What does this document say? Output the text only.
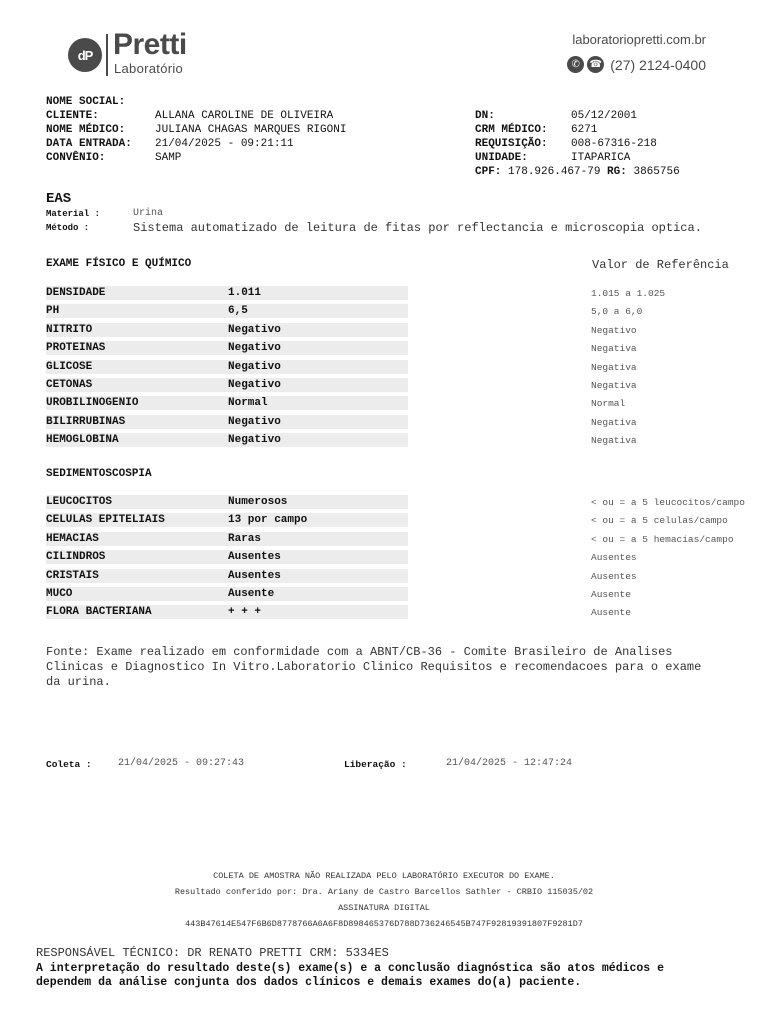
dP Pretti
Laboratório
laboratoriopretti.com.br
✆ ☎ (27) 2124-0400
NOME SOCIAL:
CLIENTE:	ALLANA CAROLINE DE OLIVEIRA
NOME MÉDICO:	JULIANA CHAGAS MARQUES RIGONI
DATA ENTRADA: 21/04/2025 - 09:21:11
CONVÊNIO:	SAMP
DN:	05/12/2001
CRM MÉDICO: 6271
REQUISIÇÃO: 008-67316-218
UNIDADE:	ITAPARICA
CPF: 178.926.467-79 RG: 3865756
EAS
Material :	Urina
Método :	Sistema automatizado de leitura de fitas por reflectancia e microscopia optica.
EXAME FÍSICO E QUÍMICO	Valor de Referência
DENSIDADE	1.011	1.015 a 1.025
PH	6,5	5,0 a 6,0
NITRITO	Negativo	Negativo
PROTEINAS	Negativo	Negativa
GLICOSE	Negativo	Negativa
CETONAS	Negativo	Negativa
UROBILINOGENIO	Normal	Normal
BILIRRUBINAS	Negativo	Negativa
HEMOGLOBINA	Negativo	Negativa
SEDIMENTOSCOSPIA
LEUCOCITOS	Numerosos	< ou = a 5 leucocitos/campo
CELULAS EPITELIAIS	13 por campo	< ou = a 5 celulas/campo
HEMACIAS	Raras	< ou = a 5 hemacias/campo
CILINDROS	Ausentes	Ausentes
CRISTAIS	Ausentes	Ausentes
MUCO	Ausente	Ausente
FLORA BACTERIANA	+ + +	Ausente
Fonte: Exame realizado em conformidade com a ABNT/CB-36 - Comite Brasileiro de Analises
Clinicas e Diagnostico In Vitro.Laboratorio Clinico Requisitos e recomendacoes para o exame
da urina.
Coleta :	21/04/2025 - 09:27:43	Liberação :	21/04/2025 - 12:47:24
COLETA DE AMOSTRA NÃO REALIZADA PELO LABORATÓRIO EXECUTOR DO EXAME.
Resultado conferido por: Dra. Ariany de Castro Barcellos Sathler - CRBIO 115035/02
ASSINATURA DIGITAL
443B47614E547F6B6D8778766A6A6F8D898465376D788D736246545B747F92819391807F9281D7
RESPONSÁVEL TÉCNICO: DR RENATO PRETTI CRM: 5334ES
A interpretação do resultado deste(s) exame(s) e a conclusão diagnóstica são atos médicos e
dependem da análise conjunta dos dados clínicos e demais exames do(a) paciente.
